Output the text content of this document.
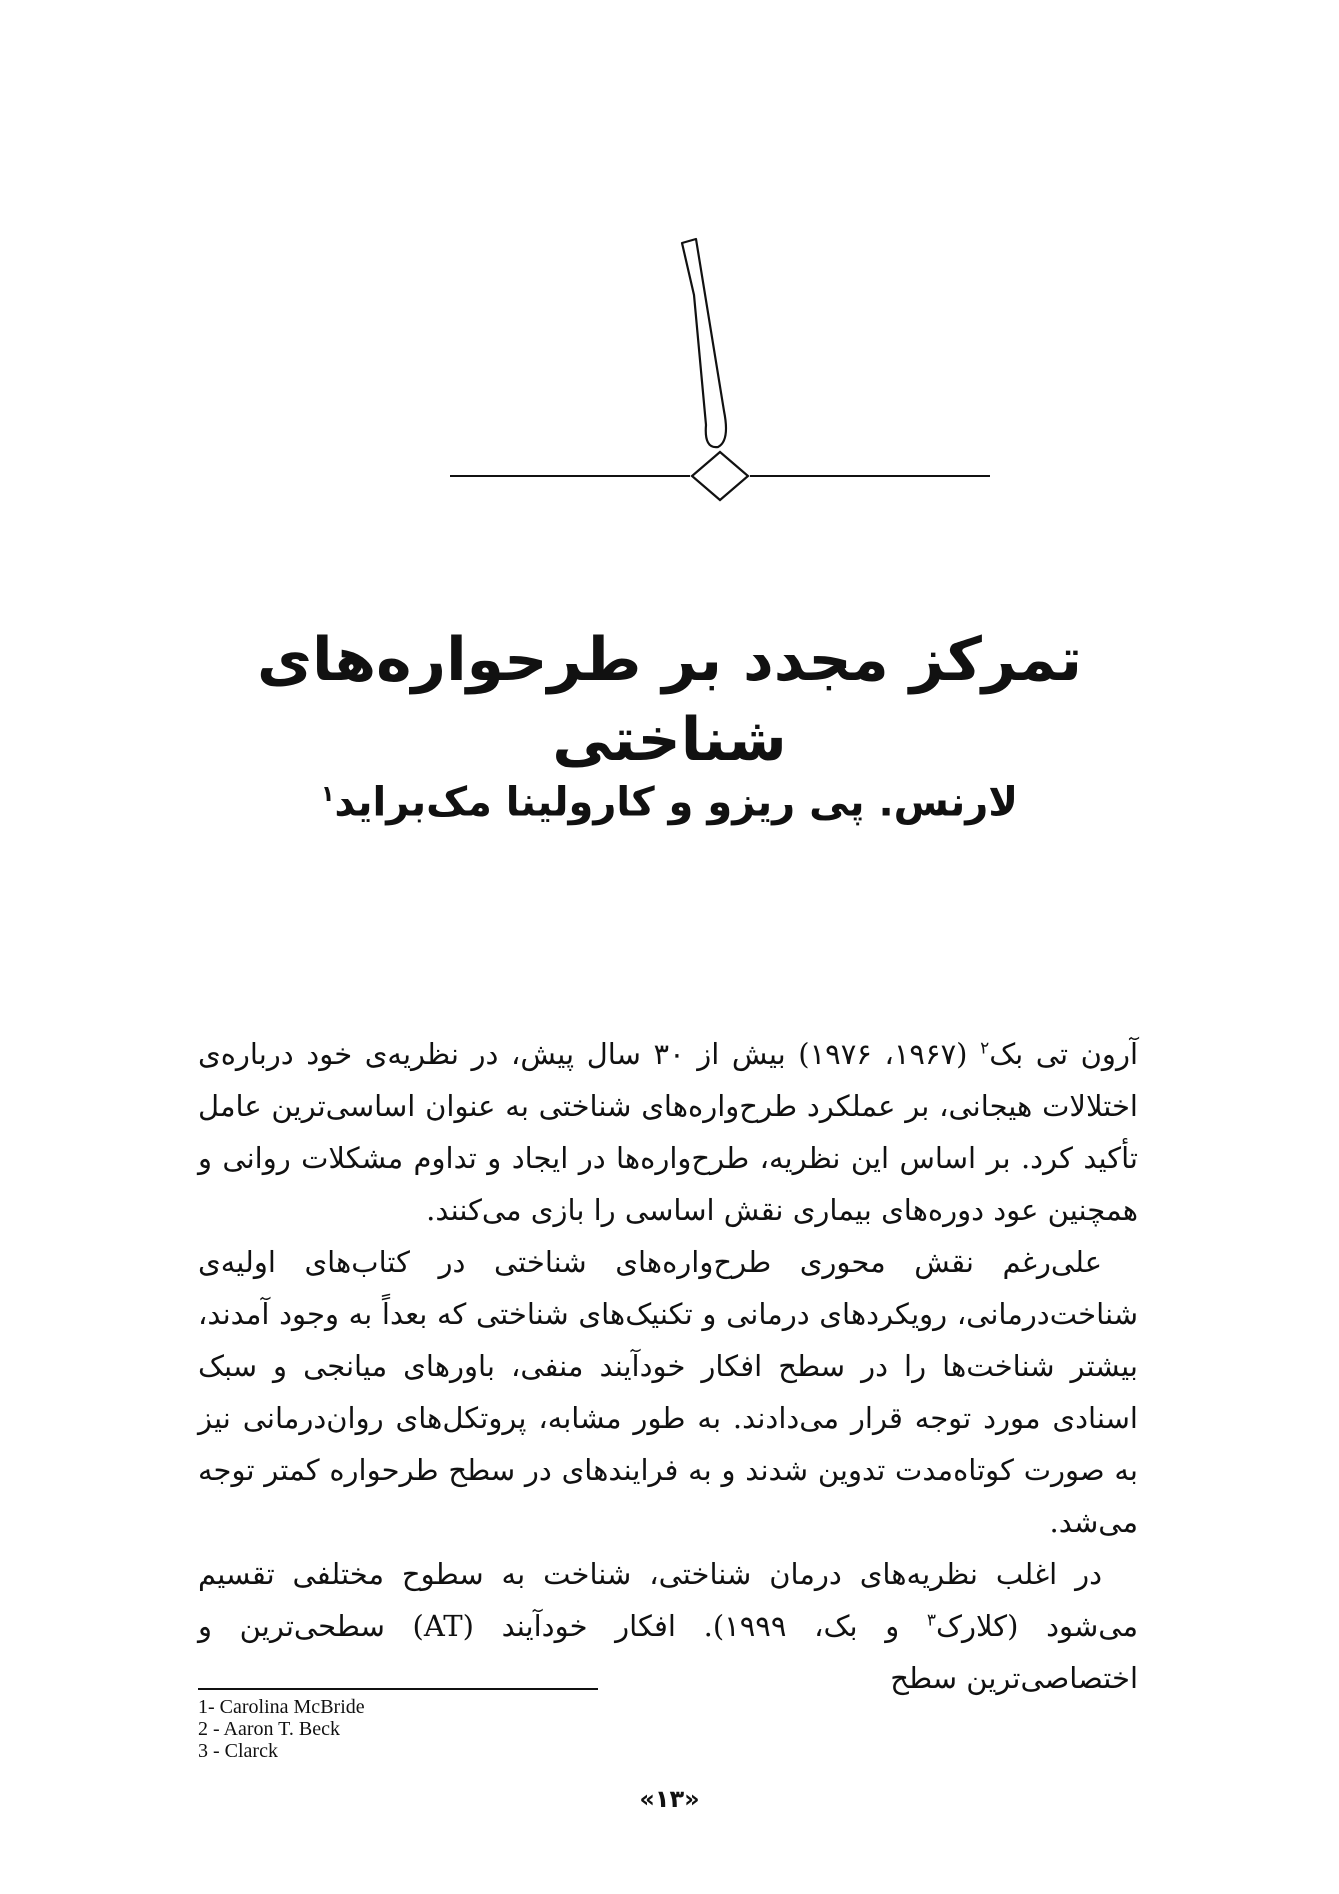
تمرکز مجدد بر طرحواره‌های شناختی
لارنس. پی ریزو و کارولینا مک‌براید$^۱$

آرون تی بک$^۲$ (۱۹۶۷، ۱۹۷۶) بیش از ۳۰ سال پیش، در نظریه‌ی خود درباره‌ی اختلالات هیجانی، بر عملکرد طرح‌واره‌های شناختی به عنوان اساسی‌ترین عامل تأکید کرد. بر اساس این نظریه، طرح‌واره‌ها در ایجاد و تداوم مشکلات روانی و همچنین عود دوره‌های بیماری نقش اساسی را بازی می‌کنند.

علی‌رغم نقش محوری طرح‌واره‌های شناختی در کتاب‌های اولیه‌ی شناخت‌درمانی، رویکردهای درمانی و تکنیک‌های شناختی که بعداً به وجود آمدند، بیشتر شناخت‌ها را در سطح افکار خودآیند منفی، باورهای میانجی و سبک اسنادی مورد توجه قرار می‌دادند. به طور مشابه، پروتکل‌های روان‌درمانی نیز به صورت کوتاه‌مدت تدوین شدند و به فرایندهای در سطح طرحواره کمتر توجه می‌شد.

در اغلب نظریه‌های درمان شناختی، شناخت به سطوح مختلفی تقسیم می‌شود (کلارک$^۳$ و بک، ۱۹۹۹). افکار خودآیند (AT) سطحی‌ترین و اختصاصی‌ترین سطح

1- Carolina McBride
2 - Aaron T. Beck
3 - Clarck
«۱۳»
